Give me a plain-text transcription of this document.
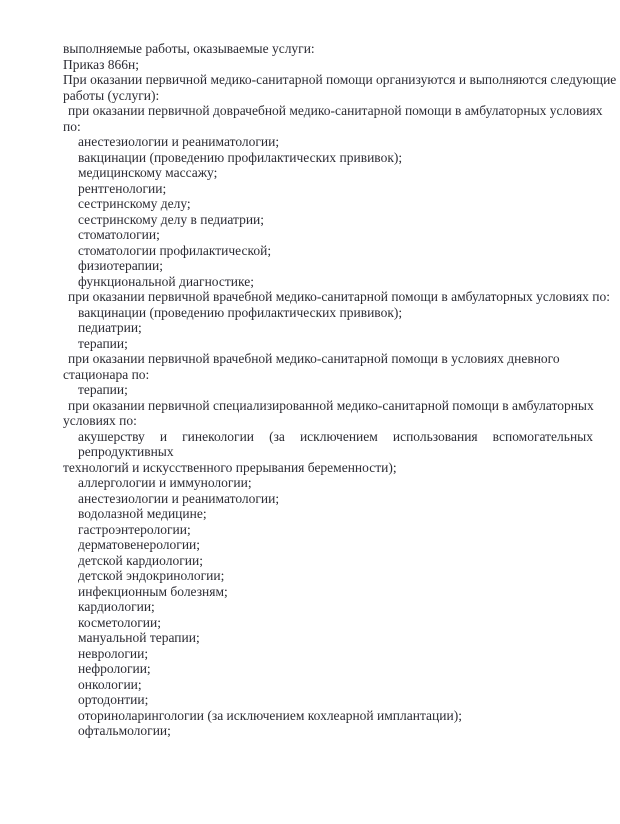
выполняемые работы, оказываемые услуги:
Приказ 866н;
При оказании первичной медико-санитарной помощи организуются и выполняются следующие
работы (услуги):
при оказании первичной доврачебной медико-санитарной помощи в амбулаторных условиях
по:
анестезиологии и реаниматологии;
вакцинации (проведению профилактических прививок);
медицинскому массажу;
рентгенологии;
сестринскому делу;
сестринскому делу в педиатрии;
стоматологии;
стоматологии профилактической;
физиотерапии;
функциональной диагностике;
при оказании первичной врачебной медико-санитарной помощи в амбулаторных условиях по:
вакцинации (проведению профилактических прививок);
педиатрии;
терапии;
при оказании первичной врачебной медико-санитарной помощи в условиях дневного
стационара по:
терапии;
при оказании первичной специализированной медико-санитарной помощи в амбулаторных
условиях по:
акушерству и гинекологии (за исключением использования вспомогательных репродуктивных
технологий и искусственного прерывания беременности);
аллергологии и иммунологии;
анестезиологии и реаниматологии;
водолазной медицине;
гастроэнтерологии;
дерматовенерологии;
детской кардиологии;
детской эндокринологии;
инфекционным болезням;
кардиологии;
косметологии;
мануальной терапии;
неврологии;
нефрологии;
онкологии;
ортодонтии;
оториноларингологии (за исключением кохлеарной имплантации);
офтальмологии;
